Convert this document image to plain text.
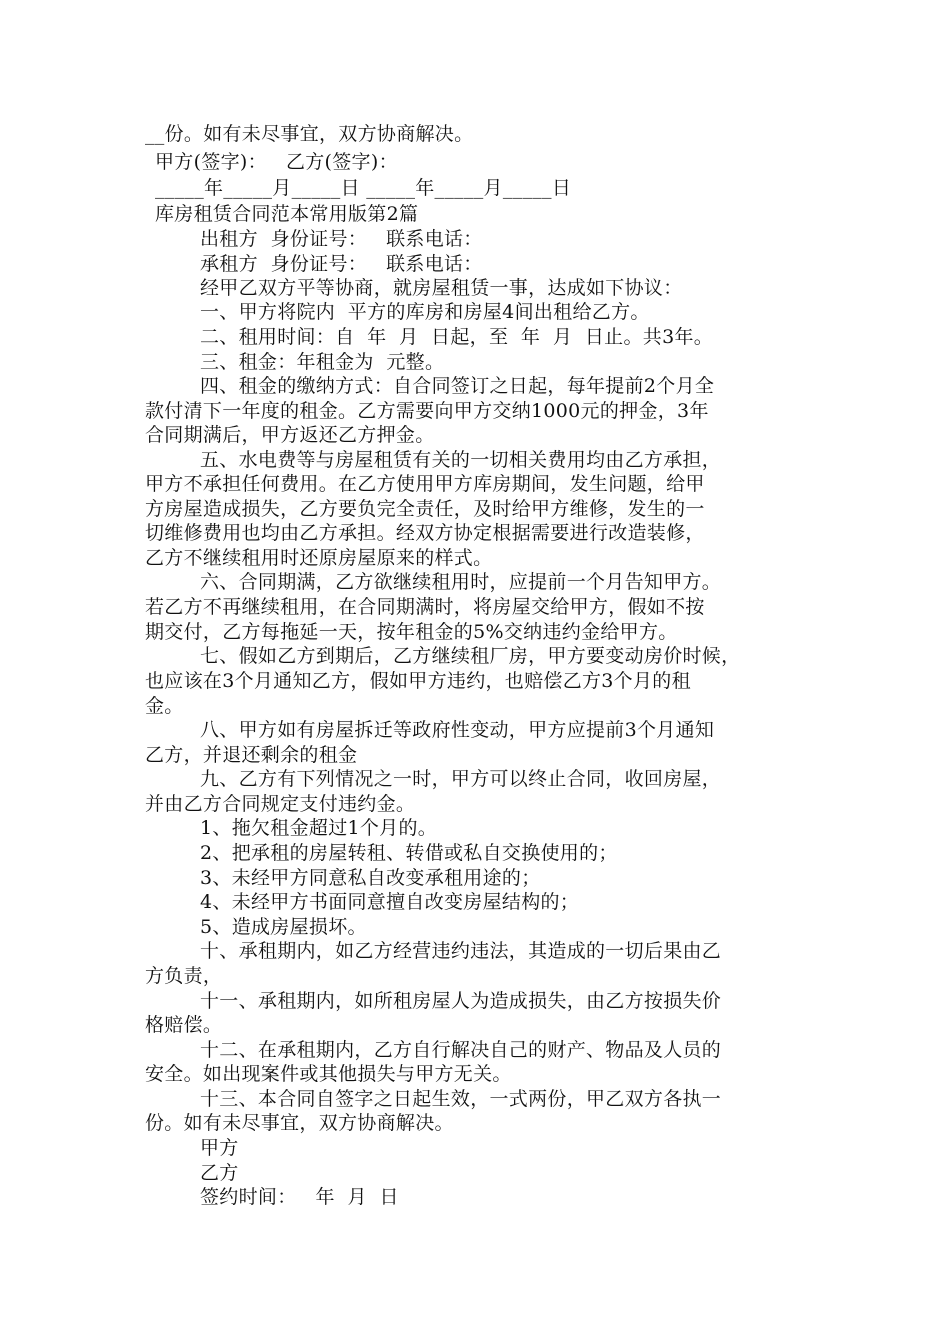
__份。如有未尽事宜，双方协商解决。
甲方(签字)：   乙方(签字)：
_____年_____月_____日 _____年_____月_____日
库房租赁合同范本常用版第2篇
出租方  身份证号：   联系电话：
承租方  身份证号：   联系电话：
经甲乙双方平等协商，就房屋租赁一事，达成如下协议：
一、甲方将院内  平方的库房和房屋4间出租给乙方。
二、租用时间：自  年  月  日起，至  年  月  日止。共3年。
三、租金：年租金为  元整。
四、租金的缴纳方式：自合同签订之日起，每年提前2个月全
款付清下一年度的租金。乙方需要向甲方交纳1000元的押金，3年
合同期满后，甲方返还乙方押金。
五、水电费等与房屋租赁有关的一切相关费用均由乙方承担，
甲方不承担任何费用。在乙方使用甲方库房期间，发生问题，给甲
方房屋造成损失，乙方要负完全责任，及时给甲方维修，发生的一
切维修费用也均由乙方承担。经双方协定根据需要进行改造装修，
乙方不继续租用时还原房屋原来的样式。
六、合同期满，乙方欲继续租用时，应提前一个月告知甲方。
若乙方不再继续租用，在合同期满时，将房屋交给甲方，假如不按
期交付，乙方每拖延一天，按年租金的5%交纳违约金给甲方。
七、假如乙方到期后，乙方继续租厂房，甲方要变动房价时候，
也应该在3个月通知乙方，假如甲方违约，也赔偿乙方3个月的租
金。
八、甲方如有房屋拆迁等政府性变动，甲方应提前3个月通知
乙方，并退还剩余的租金
九、乙方有下列情况之一时，甲方可以终止合同，收回房屋，
并由乙方合同规定支付违约金。
1、拖欠租金超过1个月的。
2、把承租的房屋转租、转借或私自交换使用的；
3、未经甲方同意私自改变承租用途的；
4、未经甲方书面同意擅自改变房屋结构的；
5、造成房屋损坏。
十、承租期内，如乙方经营违约违法，其造成的一切后果由乙
方负责，
十一、承租期内，如所租房屋人为造成损失，由乙方按损失价
格赔偿。
十二、在承租期内，乙方自行解决自己的财产、物品及人员的
安全。如出现案件或其他损失与甲方无关。
十三、本合同自签字之日起生效，一式两份，甲乙双方各执一
份。如有未尽事宜，双方协商解决。
甲方
乙方
签约时间：   年  月  日
